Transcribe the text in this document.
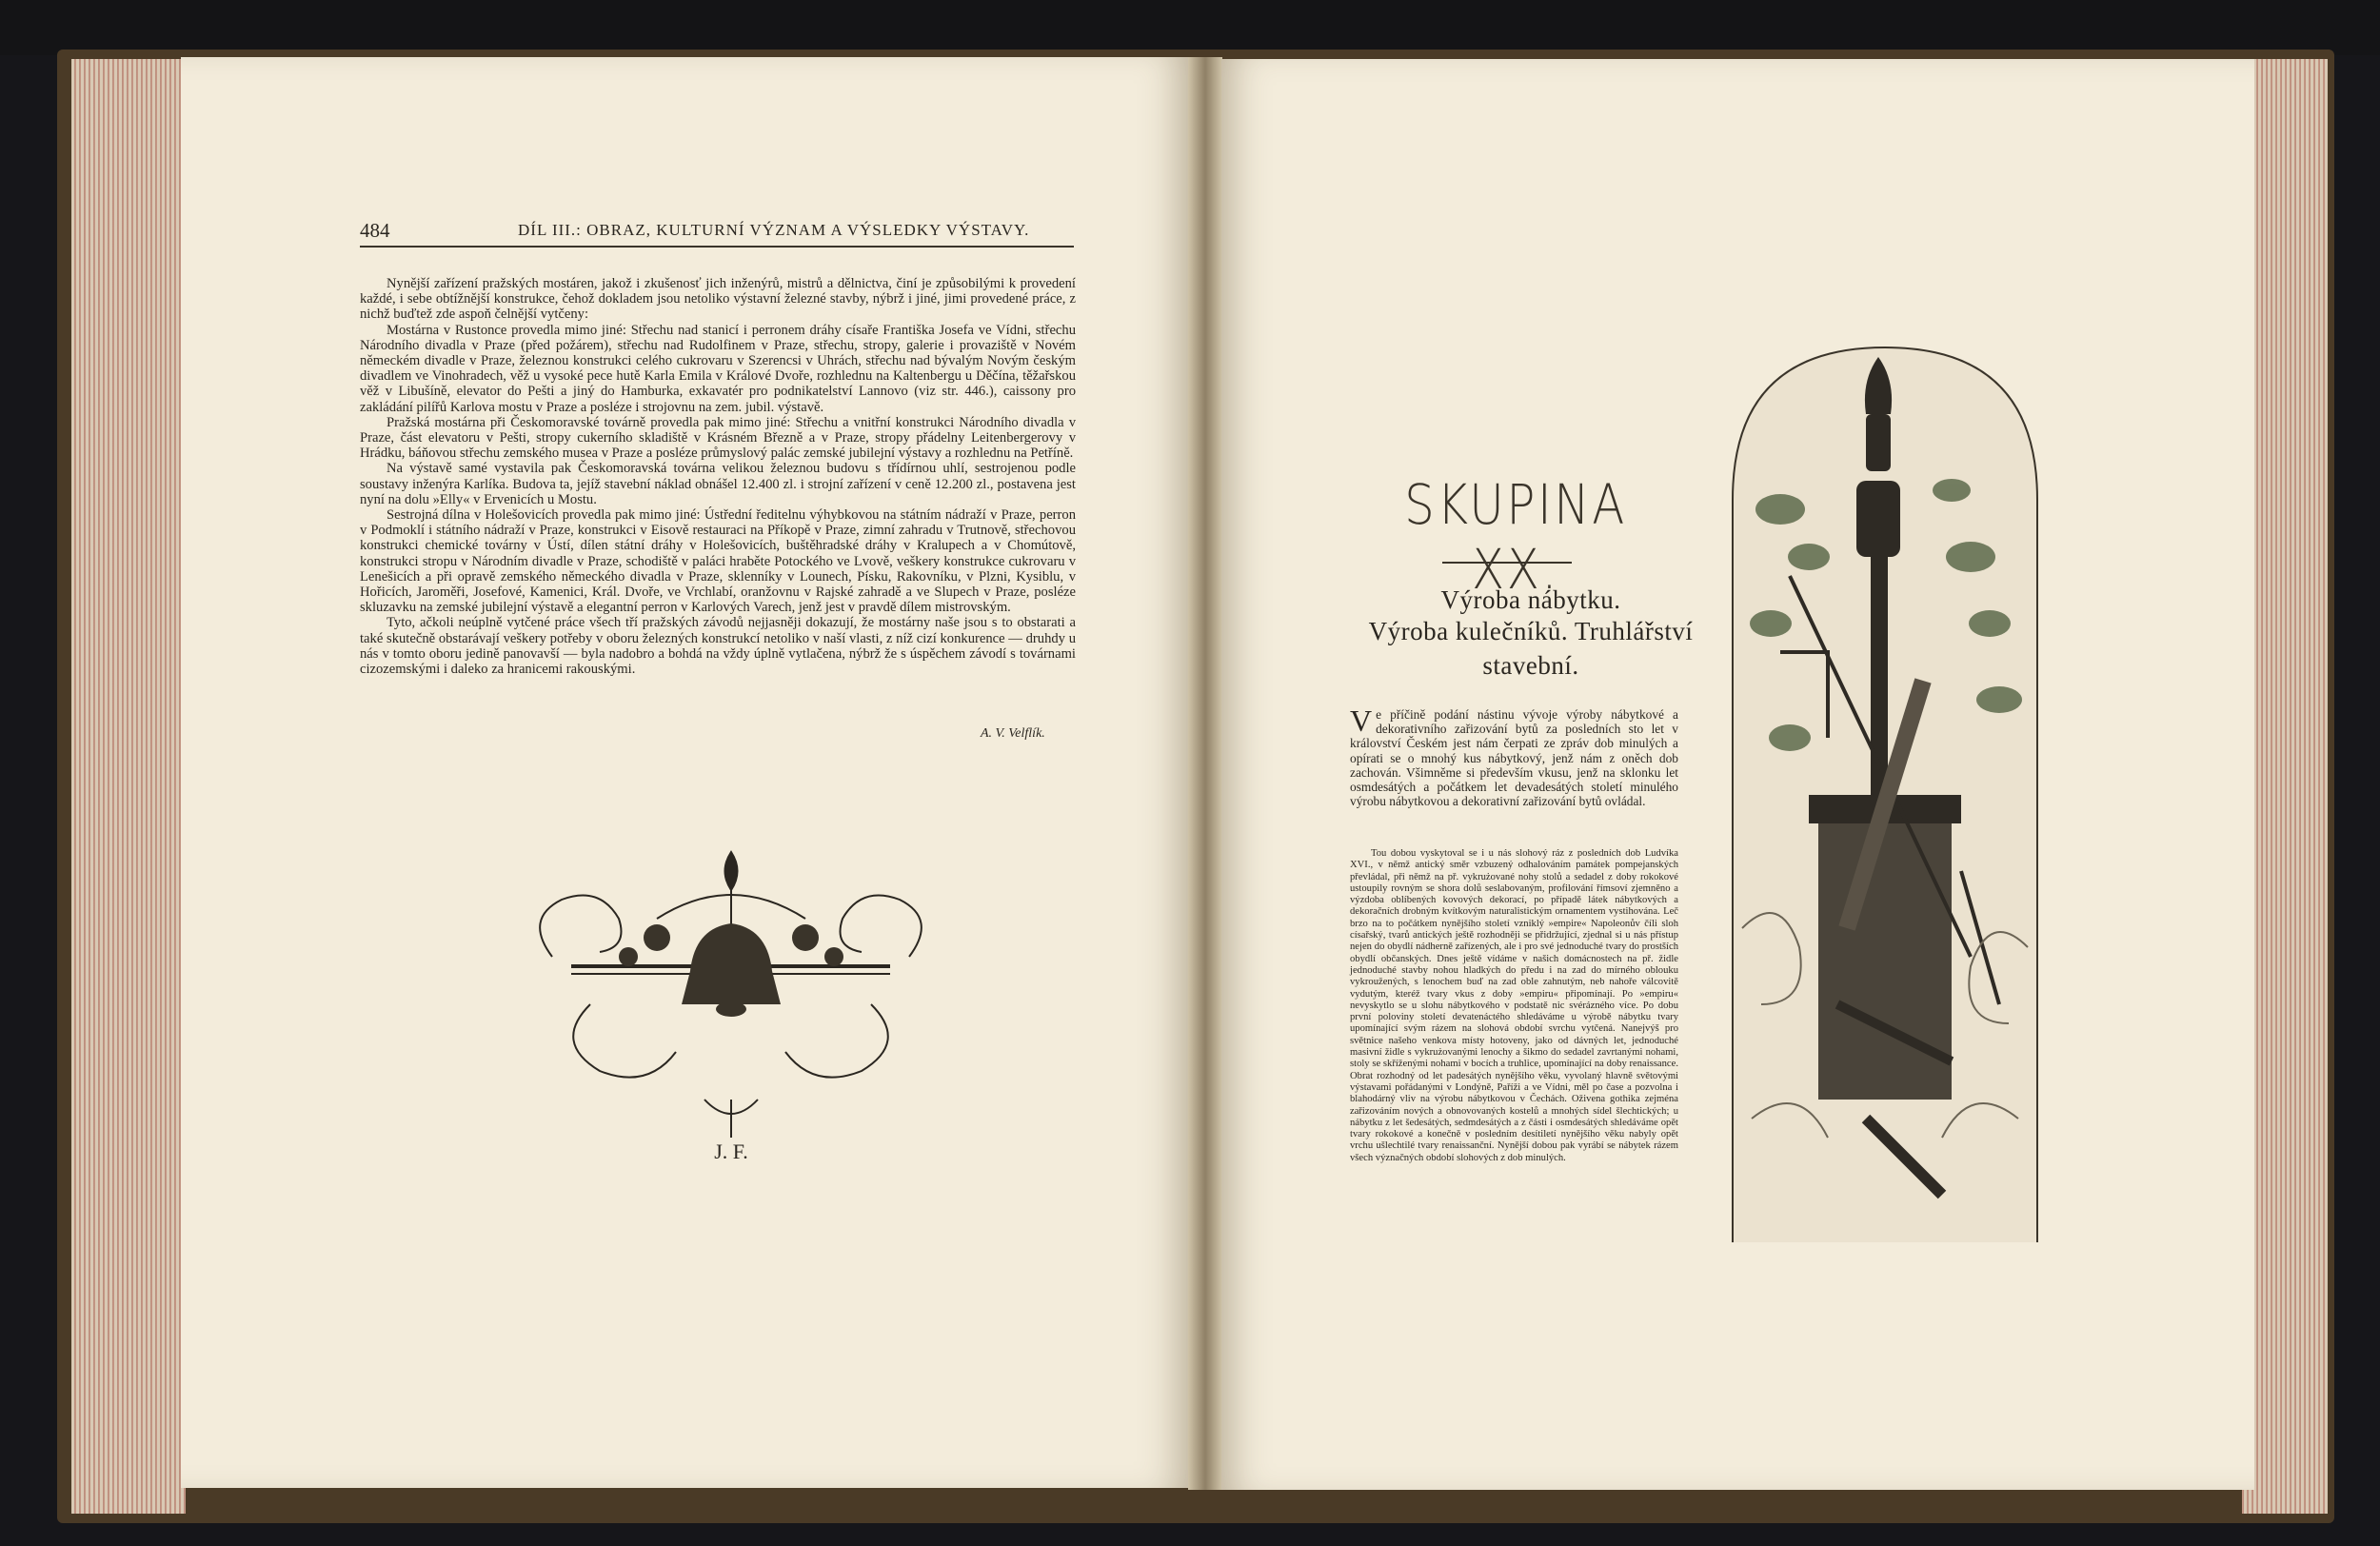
484	DÍL III.: OBRAZ, KULTURNÍ VÝZNAM A VÝSLEDKY VÝSTAVY.

Nynější zařízení pražských mostáren, jakož i zkušenosť jich inženýrů, mistrů a dělnictva, činí je způsobilými k provedení každé, i sebe obtížnější konstrukce, čehož dokladem jsou netoliko výstavní železné stavby, nýbrž i jiné, jimi provedené práce, z nichž buďtež zde aspoň čelnější vytčeny:

Mostárna v Rustonce provedla mimo jiné: Střechu nad stanicí i perronem dráhy císaře Františka Josefa ve Vídni, střechu Národního divadla v Praze (před požárem), střechu nad Rudolfinem v Praze, střechu, stropy, galerie i provaziště v Novém německém divadle v Praze, železnou konstrukci celého cukrovaru v Szerencsi v Uhrách, střechu nad bývalým Novým českým divadlem ve Vinohradech, věž u vysoké pece hutě Karla Emila v Králové Dvoře, rozhlednu na Kaltenbergu u Děčína, těžařskou věž v Libušíně, elevator do Pešti a jiný do Hamburka, exkavatér pro podnikatelství Lannovo (viz str. 446.), caissony pro zakládání pilířů Karlova mostu v Praze a posléze i strojovnu na zem. jubil. výstavě.

Pražská mostárna při Českomoravské továrně provedla pak mimo jiné: Střechu a vnitřní konstrukci Národního divadla v Praze, část elevatoru v Pešti, stropy cukerního skladiště v Krásném Březně a v Praze, stropy přádelny Leitenbergerovy v Hrádku, báňovou střechu zemského musea v Praze a posléze průmyslový palác zemské jubilejní výstavy a rozhlednu na Petříně.

Na výstavě samé vystavila pak Českomoravská továrna velikou železnou budovu s třídírnou uhlí, sestrojenou podle soustavy inženýra Karlíka. Budova ta, jejíž stavební náklad obnášel 12.400 zl. i strojní zařízení v ceně 12.200 zl., postavena jest nyní na dolu »Elly« v Ervenicích u Mostu.

Sestrojná dílna v Holešovicích provedla pak mimo jiné: Ústřední ředitelnu výhybkovou na státním nádraží v Praze, perron v Podmoklí i státního nádraží v Praze, konstrukci v Eisově restauraci na Příkopě v Praze, zimní zahradu v Trutnově, střechovou konstrukci chemické továrny v Ústí, dílen státní dráhy v Holešovicích, buštěhradské dráhy v Kralupech a v Chomútově, konstrukci stropu v Národním divadle v Praze, schodiště v paláci hraběte Potockého ve Lvově, veškery konstrukce cukrovaru v Lenešicích a při opravě zemského německého divadla v Praze, sklenníky v Lounech, Písku, Rakovníku, v Plzni, Kysiblu, v Hořicích, Jaroměři, Josefové, Kamenici, Král. Dvoře, ve Vrchlabí, oranžovnu v Rajské zahradě a ve Slupech v Praze, posléze skluzavku na zemské jubilejní výstavě a elegantní perron v Karlových Varech, jenž jest v pravdě dílem mistrovským.

Tyto, ačkoli neúplně vytčené práce všech tří pražských závodů nejjasněji dokazují, že mostárny naše jsou s to obstarati a také skutečně obstarávají veškery potřeby v oboru železných konstrukcí netoliko v naší vlasti, z níž cizí konkurence — druhdy u nás v tomto oboru jedině panovavší — byla nadobro a bohdá na vždy úplně vytlačena, nýbrž že s úspěchem závodí s továrnami cizozemskými i daleko za hranicemi rakouskými.

A. V. Velflík.
J. F.
SKUPINA XX.
Výroba nábytku.
Výroba kulečníků. Truhlářství
stavební.
Ve příčině podání nástinu vývoje výroby nábytkové a dekorativního zařizování bytů za posledních sto let v království Českém jest nám čerpati ze zpráv dob minulých a opírati se o mnohý kus nábytkový, jenž nám z oněch dob zachován. Všimněme si především vkusu, jenž na sklonku let osmdesátých a počátkem let devadesátých století minulého výrobu nábytkovou a dekorativní zařizování bytů ovládal.

Tou dobou vyskytoval se i u nás slohový ráz z posledních dob Ludvíka XVI., v němž antický směr vzbuzený odhalováním památek pompejanských převládal, při němž na př. vykrużované nohy stolů a sedadel z doby rokokové ustoupily rovným se shora dolů seslabovaným, profilování římsoví zjemněno a výzdoba oblíbených kovových dekorací, po případě látek nábytkových a dekoračních drobným kvítkovým naturalistickým ornamentem vystihována. Leč brzo na to počátkem nynějšího století vzniklý »empire« Napoleonův číli sloh císařský, tvarů antických ještě rozhodněji se přidržující, zjednal si u nás přístup nejen do obydlí nádherně zařízených, ale i pro své jednoduché tvary do prostších obydlí občanských. Dnes ještě vídáme v našich domácnostech na př. židle jednoduché stavby nohou hladkých do předu i na zad do mírného oblouku vykroužených, s lenochem buď na zad oble zahnutým, neb nahoře válcovitě vydutým, kteréž tvary vkus z doby »empiru« připomínají. Po »empiru« nevyskytlo se u slohu nábytkového v podstatě nic svérázného více. Po dobu první poloviny století devatenáctého shledáváme u výrobě nábytku tvary upomínající svým rázem na slohová období svrchu vytčená. Nanejvýš pro světnice našeho venkova místy hotoveny, jako od dávných let, jednoduché masivní židle s vykrużovanými lenochy a šikmo do sedadel zavrtanými nohami, stoly se skříženými nohami v bocích a truhlice, upomínající na doby renaissance. Obrat rozhodný od let padesátých nynějšího věku, vyvolaný hlavně světovými výstavami pořádanými v Londýně, Paříži a ve Vídni, měl po čase a pozvolna i blahodárný vliv na výrobu nábytkovou v Čechách. Oživena gothika zejména zařizováním nových a obnovovaných kostelů a mnohých sídel šlechtických; u nábytku z let šedesátých, sedmdesátých a z části i osmdesátých shledáváme opět tvary rokokové a konečně v posledním desítiletí nynějšího věku nabyly opět vrchu ušlechtilé tvary renaissanční. Nynější dobou pak vyrábí se nábytek rázem všech význačných období slohových z dob minulých.
